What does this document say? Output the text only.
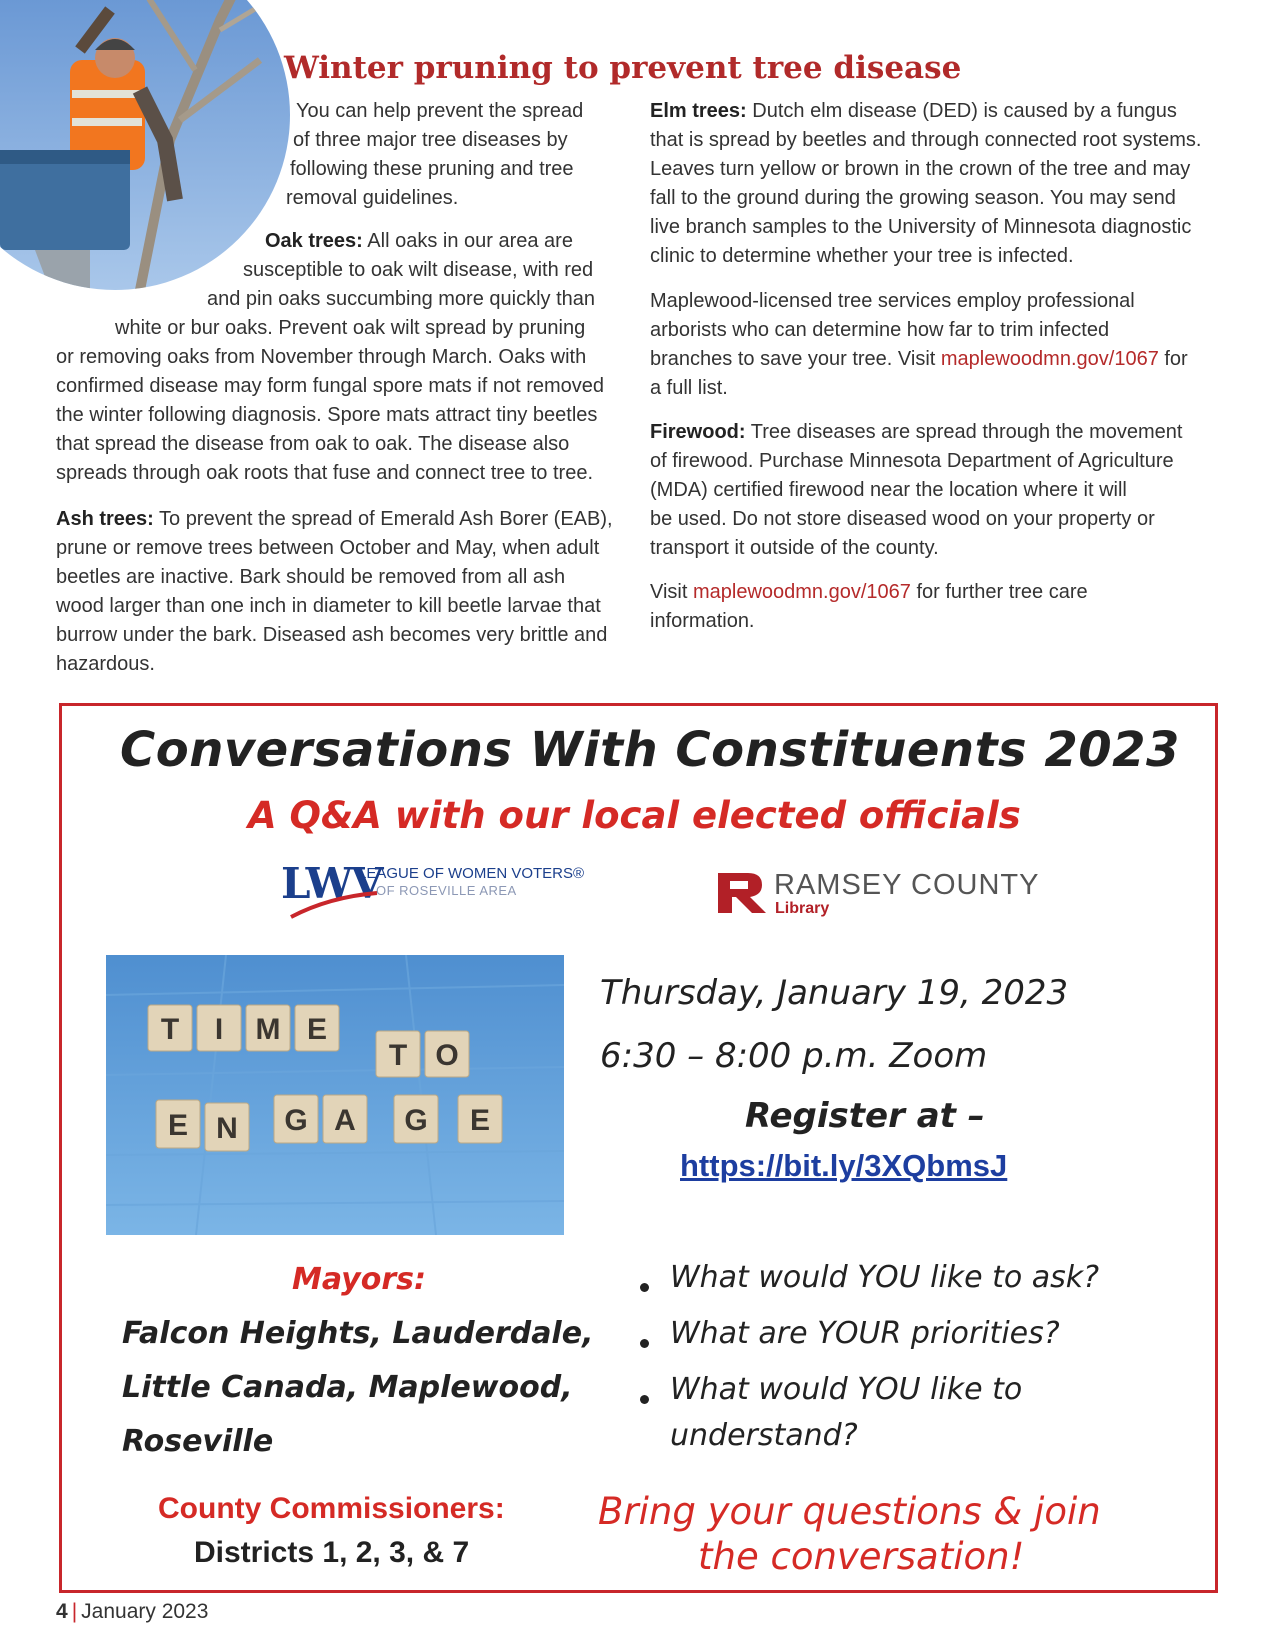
Winter pruning to prevent tree disease

You can help prevent the spread

of three major tree diseases by

following these pruning and tree

removal guidelines.

Oak trees: All oaks in our area are

susceptible to oak wilt disease, with red

and pin oaks succumbing more quickly than

white or bur oaks. Prevent oak wilt spread by pruning

or removing oaks from November through March. Oaks with

confirmed disease may form fungal spore mats if not removed

the winter following diagnosis. Spore mats attract tiny beetles

that spread the disease from oak to oak. The disease also

spreads through oak roots that fuse and connect tree to tree.

Ash trees: To prevent the spread of Emerald Ash Borer (EAB),

prune or remove trees between October and May, when adult

beetles are inactive. Bark should be removed from all ash

wood larger than one inch in diameter to kill beetle larvae that

burrow under the bark. Diseased ash becomes very brittle and

hazardous.

Elm trees: Dutch elm disease (DED) is caused by a fungus

that is spread by beetles and through connected root systems.

Leaves turn yellow or brown in the crown of the tree and may

fall to the ground during the growing season. You may send

live branch samples to the University of Minnesota diagnostic

clinic to determine whether your tree is infected.

Maplewood-licensed tree services employ professional

arborists who can determine how far to trim infected

branches to save your tree. Visit maplewoodmn.gov/1067 for

a full list.

Firewood: Tree diseases are spread through the movement

of firewood. Purchase Minnesota Department of Agriculture

(MDA) certified firewood near the location where it will

be used. Do not store diseased wood on your property or

transport it outside of the county.

Visit maplewoodmn.gov/1067 for further tree care

information.

Conversations With Constituents 2023
A Q&A with our local elected officials
LWV
LEAGUE OF WOMEN VOTERS®
OF ROSEVILLE AREA	RAMSEY COUNTY
Library
T I M E
T O
E N G A G E

Thursday, January 19, 2023

6:30 – 8:00 p.m. Zoom

Register at –

https://bit.ly/3XQbmsJ

Mayors:

Falcon Heights, Lauderdale,

Little Canada, Maplewood,

Roseville

County Commissioners:

Districts 1, 2, 3, & 7

What would YOU like to ask?

What are YOUR priorities?

What would YOU like to

understand?

Bring your questions & join

the conversation!

4 | January 2023
